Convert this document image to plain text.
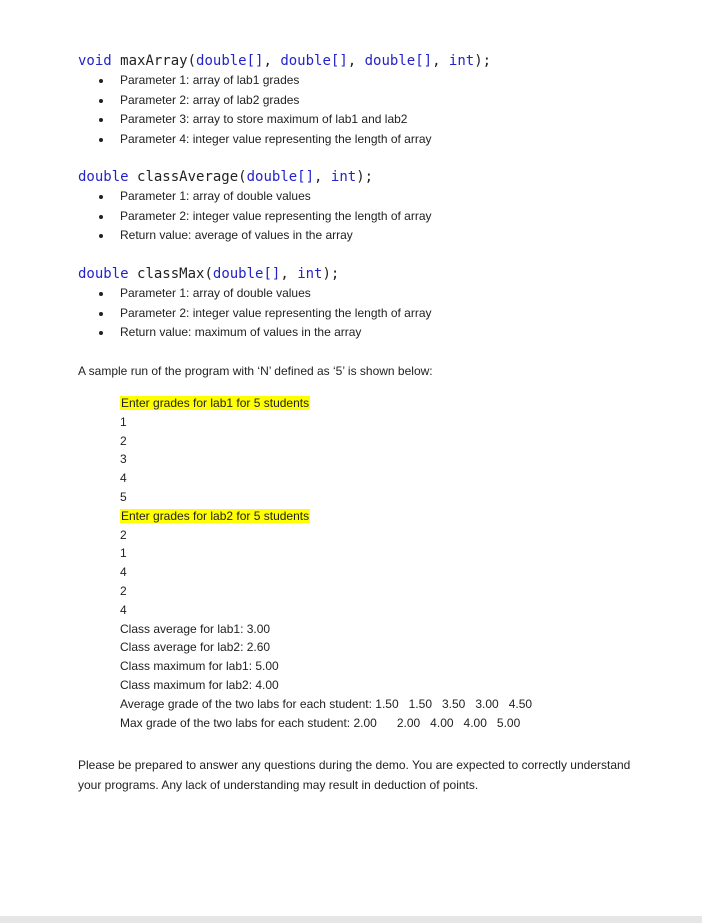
void maxArray(double[], double[], double[], int);
Parameter 1: array of lab1 grades
Parameter 2: array of lab2 grades
Parameter 3: array to store maximum of lab1 and lab2
Parameter 4: integer value representing the length of array
double classAverage(double[], int);
Parameter 1: array of double values
Parameter 2: integer value representing the length of array
Return value: average of values in the array
double classMax(double[], int);
Parameter 1: array of double values
Parameter 2: integer value representing the length of array
Return value: maximum of values in the array
A sample run of the program with ‘N’ defined as ‘5’ is shown below:
Enter grades for lab1 for 5 students
1
2
3
4
5
Enter grades for lab2 for 5 students
2
1
4
2
4
Class average for lab1: 3.00
Class average for lab2: 2.60
Class maximum for lab1: 5.00
Class maximum for lab2: 4.00
Average grade of the two labs for each student: 1.50   1.50   3.50   3.00   4.50
Max grade of the two labs for each student: 2.00      2.00   4.00   4.00   5.00
Please be prepared to answer any questions during the demo. You are expected to correctly understand your programs. Any lack of understanding may result in deduction of points.
